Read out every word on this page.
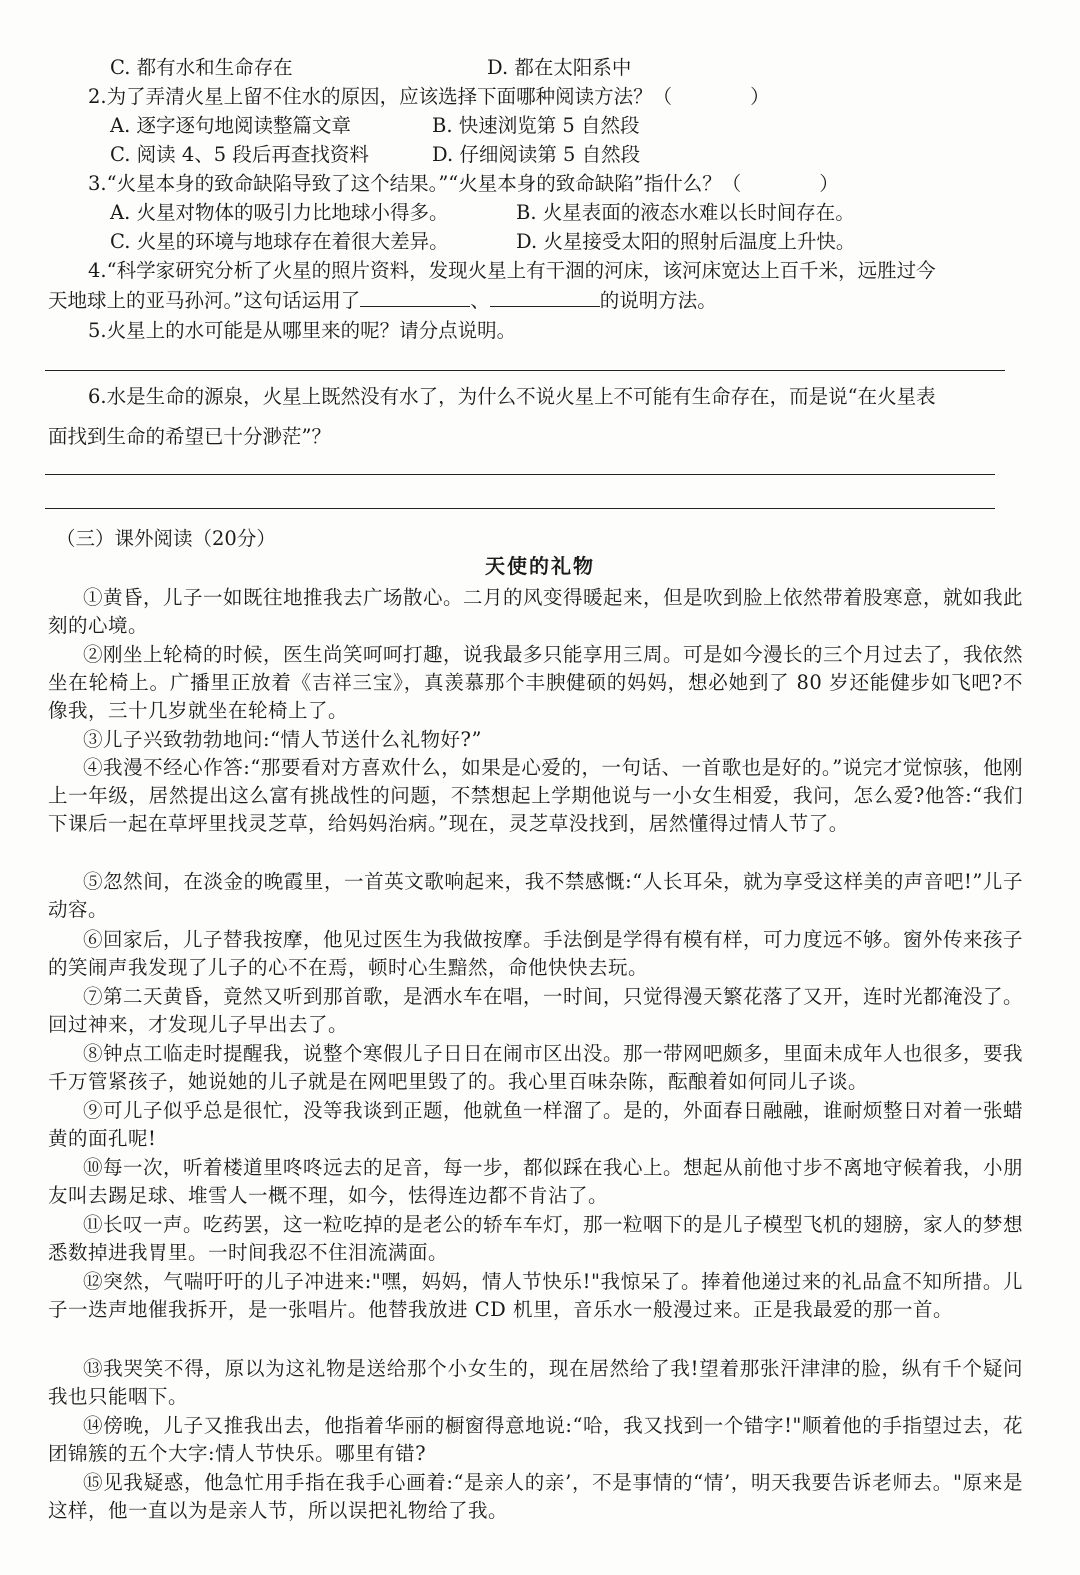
C. 都有水和生命存在	D. 都在太阳系中
2.为了弄清火星上留不住水的原因，应该选择下面哪种阅读方法？（　　　　）
A. 逐字逐句地阅读整篇文章	B. 快速浏览第 5 自然段
C. 阅读 4、5 段后再查找资料	D. 仔细阅读第 5 自然段
3.“火星本身的致命缺陷导致了这个结果。”“火星本身的致命缺陷”指什么？（　　　　）
A. 火星对物体的吸引力比地球小得多。	B. 火星表面的液态水难以长时间存在。
C. 火星的环境与地球存在着很大差异。	D. 火星接受太阳的照射后温度上升快。
4.“科学家研究分析了火星的照片资料，发现火星上有干涸的河床，该河床宽达上百千米，远胜过今
天地球上的亚马孙河。”这句话运用了	、	的说明方法。
5.火星上的水可能是从哪里来的呢？请分点说明。
6.水是生命的源泉，火星上既然没有水了，为什么不说火星上不可能有生命存在，而是说“在火星表
面找到生命的希望已十分渺茫”？
（三）课外阅读（20分）
天使的礼物
①黄昏，儿子一如既往地推我去广场散心。二月的风变得暖起来，但是吹到脸上依然带着股寒意，就如我此刻的心境。
②刚坐上轮椅的时候，医生尚笑呵呵打趣，说我最多只能享用三周。可是如今漫长的三个月过去了，我依然坐在轮椅上。广播里正放着《吉祥三宝》，真羡慕那个丰腴健硕的妈妈，想必她到了 80 岁还能健步如飞吧?不像我，三十几岁就坐在轮椅上了。
③儿子兴致勃勃地问:“情人节送什么礼物好?”
④我漫不经心作答:“那要看对方喜欢什么，如果是心爱的，一句话、一首歌也是好的。”说完才觉惊骇，他刚上一年级，居然提出这么富有挑战性的问题，不禁想起上学期他说与一小女生相爱，我问，怎么爱?他答:“我们下课后一起在草坪里找灵芝草，给妈妈治病。”现在，灵芝草没找到，居然懂得过情人节了。
⑤忽然间，在淡金的晚霞里，一首英文歌响起来，我不禁感慨:“人长耳朵，就为享受这样美的声音吧!”儿子动容。
⑥回家后，儿子替我按摩，他见过医生为我做按摩。手法倒是学得有模有样，可力度远不够。窗外传来孩子的笑闹声我发现了儿子的心不在焉，顿时心生黯然，命他快快去玩。
⑦第二天黄昏，竟然又听到那首歌，是洒水车在唱，一时间，只觉得漫天繁花落了又开，连时光都淹没了。回过神来，才发现儿子早出去了。
⑧钟点工临走时提醒我，说整个寒假儿子日日在闹市区出没。那一带网吧颇多，里面未成年人也很多，要我千万管紧孩子，她说她的儿子就是在网吧里毁了的。我心里百味杂陈，酝酿着如何同儿子谈。
⑨可儿子似乎总是很忙，没等我谈到正题，他就鱼一样溜了。是的，外面春日融融，谁耐烦整日对着一张蜡黄的面孔呢!
⑩每一次，听着楼道里咚咚远去的足音，每一步，都似踩在我心上。想起从前他寸步不离地守候着我，小朋友叫去踢足球、堆雪人一概不理，如今，怯得连边都不肯沾了。
⑪长叹一声。吃药罢，这一粒吃掉的是老公的轿车车灯，那一粒咽下的是儿子模型飞机的翅膀，家人的梦想悉数掉进我胃里。一时间我忍不住泪流满面。
⑫突然，气喘吁吁的儿子冲进来:"嘿，妈妈，情人节快乐!"我惊呆了。捧着他递过来的礼品盒不知所措。儿子一迭声地催我拆开，是一张唱片。他替我放进 CD 机里，音乐水一般漫过来。正是我最爱的那一首。
⑬我哭笑不得，原以为这礼物是送给那个小女生的，现在居然给了我!望着那张汗津津的脸，纵有千个疑问我也只能咽下。
⑭傍晚，儿子又推我出去，他指着华丽的橱窗得意地说:“哈，我又找到一个错字!"顺着他的手指望过去，花团锦簇的五个大字:情人节快乐。哪里有错?
⑮见我疑惑，他急忙用手指在我手心画着:“是亲人的亲’，不是事情的“情’，明天我要告诉老师去。"原来是这样，他一直以为是亲人节，所以误把礼物给了我。
